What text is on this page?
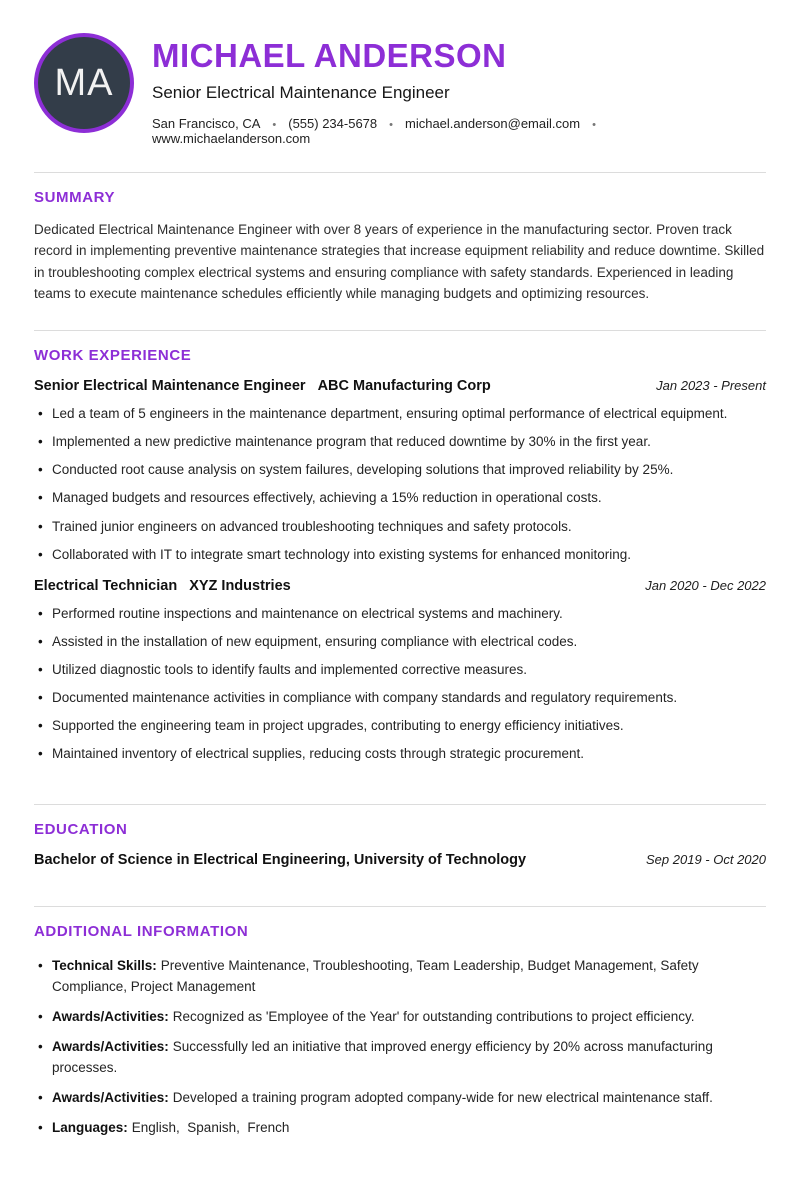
MA
MICHAEL ANDERSON
Senior Electrical Maintenance Engineer
San Francisco, CA •	(555) 234-5678 •	michael.anderson@email.com •
www.michaelanderson.com
SUMMARY

Dedicated Electrical Maintenance Engineer with over 8 years of experience in the manufacturing sector. Proven track record in implementing preventive maintenance strategies that increase equipment reliability and reduce downtime. Skilled in troubleshooting complex electrical systems and ensuring compliance with safety standards. Experienced in leading teams to execute maintenance schedules efficiently while managing budgets and optimizing resources.

WORK EXPERIENCE
Senior Electrical Maintenance Engineer ABC Manufacturing Corp	Jan 2023 - Present
• Led a team of 5 engineers in the maintenance department, ensuring optimal performance of electrical equipment.
• Implemented a new predictive maintenance program that reduced downtime by 30% in the first year.
• Conducted root cause analysis on system failures, developing solutions that improved reliability by 25%.
• Managed budgets and resources effectively, achieving a 15% reduction in operational costs.
• Trained junior engineers on advanced troubleshooting techniques and safety protocols.
• Collaborated with IT to integrate smart technology into existing systems for enhanced monitoring.
Electrical Technician XYZ Industries	Jan 2020 - Dec 2022
• Performed routine inspections and maintenance on electrical systems and machinery.
• Assisted in the installation of new equipment, ensuring compliance with electrical codes.
• Utilized diagnostic tools to identify faults and implemented corrective measures.
• Documented maintenance activities in compliance with company standards and regulatory requirements.
• Supported the engineering team in project upgrades, contributing to energy efficiency initiatives.
• Maintained inventory of electrical supplies, reducing costs through strategic procurement.
EDUCATION
Bachelor of Science in Electrical Engineering, University of Technology	Sep 2019 - Oct 2020
ADDITIONAL INFORMATION
• Technical Skills: Preventive Maintenance, Troubleshooting, Team Leadership, Budget Management, Safety Compliance, Project Management
• Awards/Activities: Recognized as 'Employee of the Year' for outstanding contributions to project efficiency.
• Awards/Activities: Successfully led an initiative that improved energy efficiency by 20% across manufacturing processes.
• Awards/Activities: Developed a training program adopted company-wide for new electrical maintenance staff.
• Languages: English,  Spanish,  French
